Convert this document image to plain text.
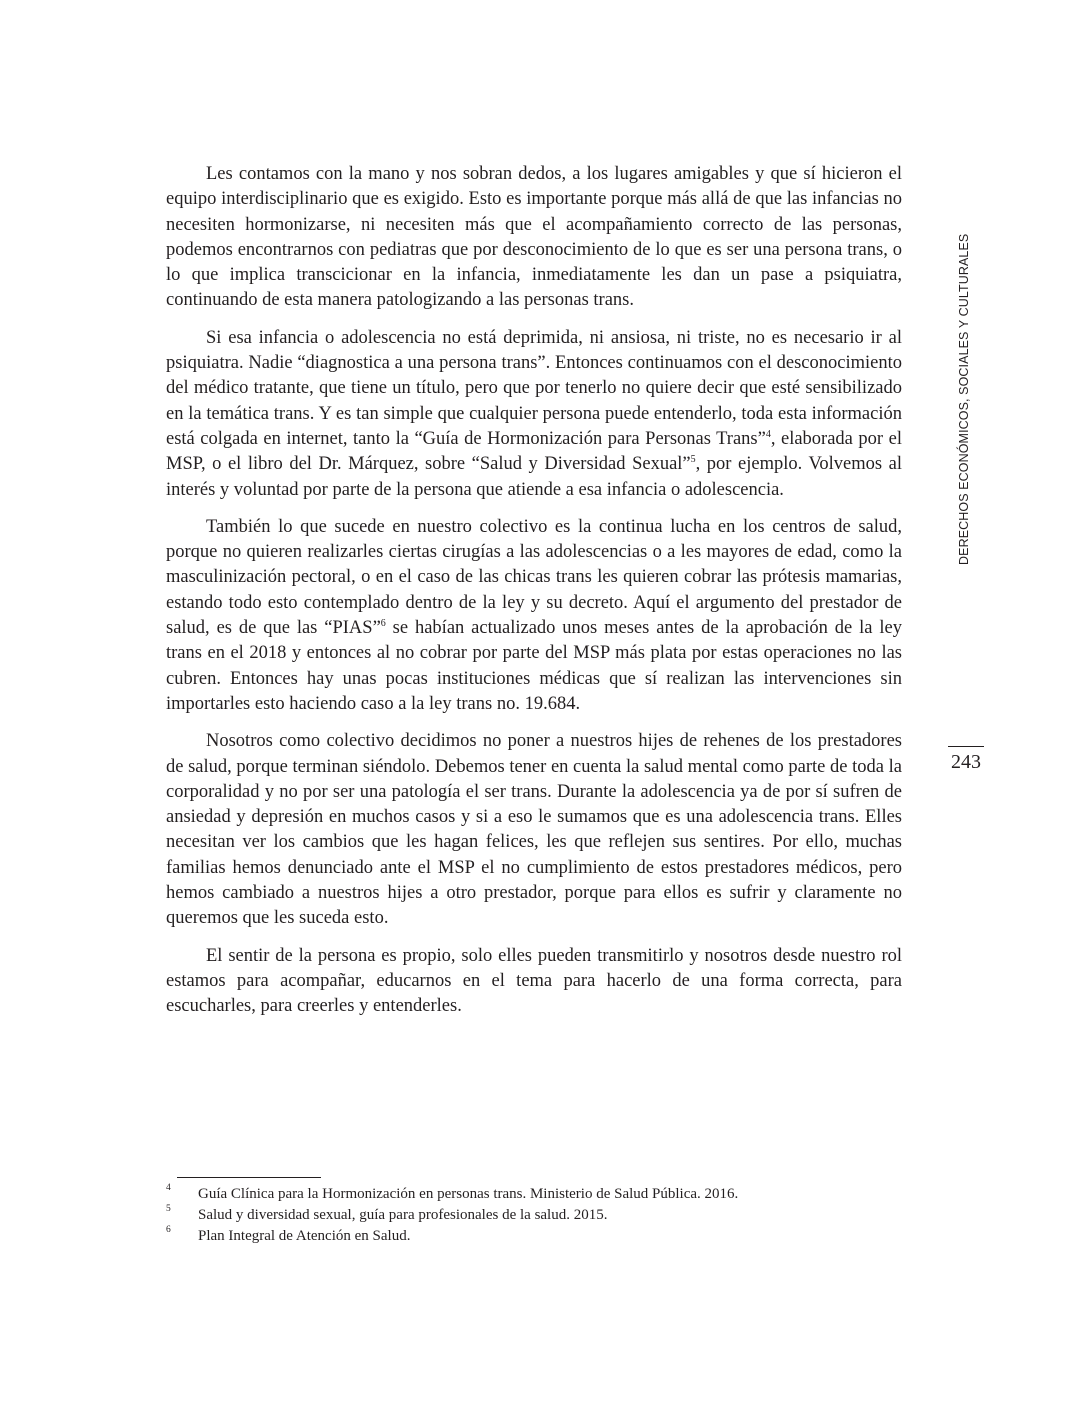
Les contamos con la mano y nos sobran dedos, a los lugares amigables y que sí hicieron el equipo interdisciplinario que es exigido. Esto es importante porque más allá de que las infancias no necesiten hormonizarse, ni necesiten más que el acompañamiento correcto de las personas, podemos encontrarnos con pediatras que por desconocimiento de lo que es ser una persona trans, o lo que implica transcicionar en la infancia, inmediatamente les dan un pase a psiquiatra, continuando de esta manera patologizando a las personas trans.

Si esa infancia o adolescencia no está deprimida, ni ansiosa, ni triste, no es necesario ir al psiquiatra. Nadie “diagnostica a una persona trans”. Entonces continuamos con el desconocimiento del médico tratante, que tiene un título, pero que por tenerlo no quiere decir que esté sensibilizado en la temática trans. Y es tan simple que cualquier persona puede entenderlo, toda esta información está colgada en internet, tanto la “Guía de Hormonización para Personas Trans”$^4$, elaborada por el MSP, o el libro del Dr. Márquez, sobre “Salud y Diversidad Sexual”$^5$, por ejemplo. Volvemos al interés y voluntad por parte de la persona que atiende a esa infancia o adolescencia.

También lo que sucede en nuestro colectivo es la continua lucha en los centros de salud, porque no quieren realizarles ciertas cirugías a las adolescencias o a les mayores de edad, como la masculinización pectoral, o en el caso de las chicas trans les quieren cobrar las prótesis mamarias, estando todo esto contemplado dentro de la ley y su decreto. Aquí el argumento del prestador de salud, es de que las “PIAS”$^6$ se habían actualizado unos meses antes de la aprobación de la ley trans en el 2018 y entonces al no cobrar por parte del MSP más plata por estas operaciones no las cubren. Entonces hay unas pocas instituciones médicas que sí realizan las intervenciones sin importarles esto haciendo caso a la ley trans no. 19.684.

Nosotros como colectivo decidimos no poner a nuestros hijes de rehenes de los prestadores de salud, porque terminan siéndolo. Debemos tener en cuenta la salud mental como parte de toda la corporalidad y no por ser una patología el ser trans. Durante la adolescencia ya de por sí sufren de ansiedad y depresión en muchos casos y si a eso le sumamos que es una adolescencia trans. Elles necesitan ver los cambios que les hagan felices, les que reflejen sus sentires. Por ello, muchas familias hemos denunciado ante el MSP el no cumplimiento de estos prestadores médicos, pero hemos cambiado a nuestros hijes a otro prestador, porque para ellos es sufrir y claramente no queremos que les suceda esto.

El sentir de la persona es propio, solo elles pueden transmitirlo y nosotros desde nuestro rol estamos para acompañar, educarnos en el tema para hacerlo de una forma correcta, para escucharles, para creerles y entenderles.

DERECHOS ECONÓMICOS, SOCIALES Y CULTURALES
243
4 Guía Clínica para la Hormonización en personas trans. Ministerio de Salud Pública. 2016.
5 Salud y diversidad sexual, guía para profesionales de la salud. 2015.
6 Plan Integral de Atención en Salud.
